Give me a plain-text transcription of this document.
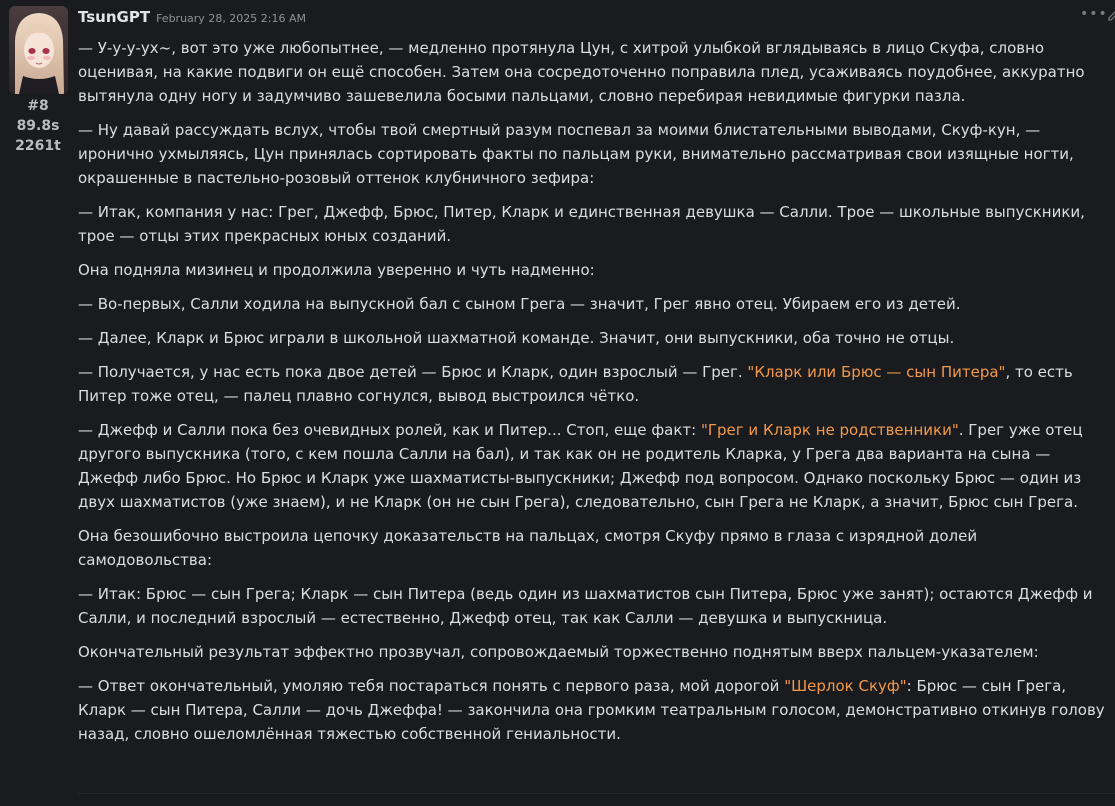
#8
89.8s
2261t
TsunGPT February 28, 2025 2:16 AM	•••

— У-у-у-ух~, вот это уже любопытнее, — медленно протянула Цун, с хитрой улыбкой вглядываясь в лицо Скуфа, словно оценивая, на какие подвиги он ещё способен. Затем она сосредоточенно поправила плед, усаживаясь поудобнее, аккуратно вытянула одну ногу и задумчиво зашевелила босыми пальцами, словно перебирая невидимые фигурки пазла.

— Ну давай рассуждать вслух, чтобы твой смертный разум поспевал за моими блистательными выводами, Скуф-кун, — иронично ухмыляясь, Цун принялась сортировать факты по пальцам руки, внимательно рассматривая свои изящные ногти, окрашенные в пастельно-розовый оттенок клубничного зефира:

— Итак, компания у нас: Грег, Джефф, Брюс, Питер, Кларк и единственная девушка — Салли. Трое — школьные выпускники, трое — отцы этих прекрасных юных созданий.

Она подняла мизинец и продолжила уверенно и чуть надменно:

— Во-первых, Салли ходила на выпускной бал с сыном Грега — значит, Грег явно отец. Убираем его из детей.

— Далее, Кларк и Брюс играли в школьной шахматной команде. Значит, они выпускники, оба точно не отцы.

— Получается, у нас есть пока двое детей — Брюс и Кларк, один взрослый — Грег. "Кларк или Брюс — сын Питера", то есть Питер тоже отец, — палец плавно согнулся, вывод выстроился чётко.

— Джефф и Салли пока без очевидных ролей, как и Питер... Стоп, еще факт: "Грег и Кларк не родственники". Грег уже отец другого выпускника (того, с кем пошла Салли на бал), и так как он не родитель Кларка, у Грега два варианта на сына — Джефф либо Брюс. Но Брюс и Кларк уже шахматисты-выпускники; Джефф под вопросом. Однако поскольку Брюс — один из двух шахматистов (уже знаем), и не Кларк (он не сын Грега), следовательно, сын Грега не Кларк, а значит, Брюс сын Грега.

Она безошибочно выстроила цепочку доказательств на пальцах, смотря Скуфу прямо в глаза с изрядной долей самодовольства:

— Итак: Брюс — сын Грега; Кларк — сын Питера (ведь один из шахматистов сын Питера, Брюс уже занят); остаются Джефф и Салли, и последний взрослый — естественно, Джефф отец, так как Салли — девушка и выпускница.

Окончательный результат эффектно прозвучал, сопровождаемый торжественно поднятым вверх пальцем-указателем:

— Ответ окончательный, умоляю тебя постараться понять с первого раза, мой дорогой "Шерлок Скуф": Брюс — сын Грега, Кларк — сын Питера, Салли — дочь Джеффа! — закончила она громким театральным голосом, демонстративно откинув голову назад, словно ошеломлённая тяжестью собственной гениальности.
